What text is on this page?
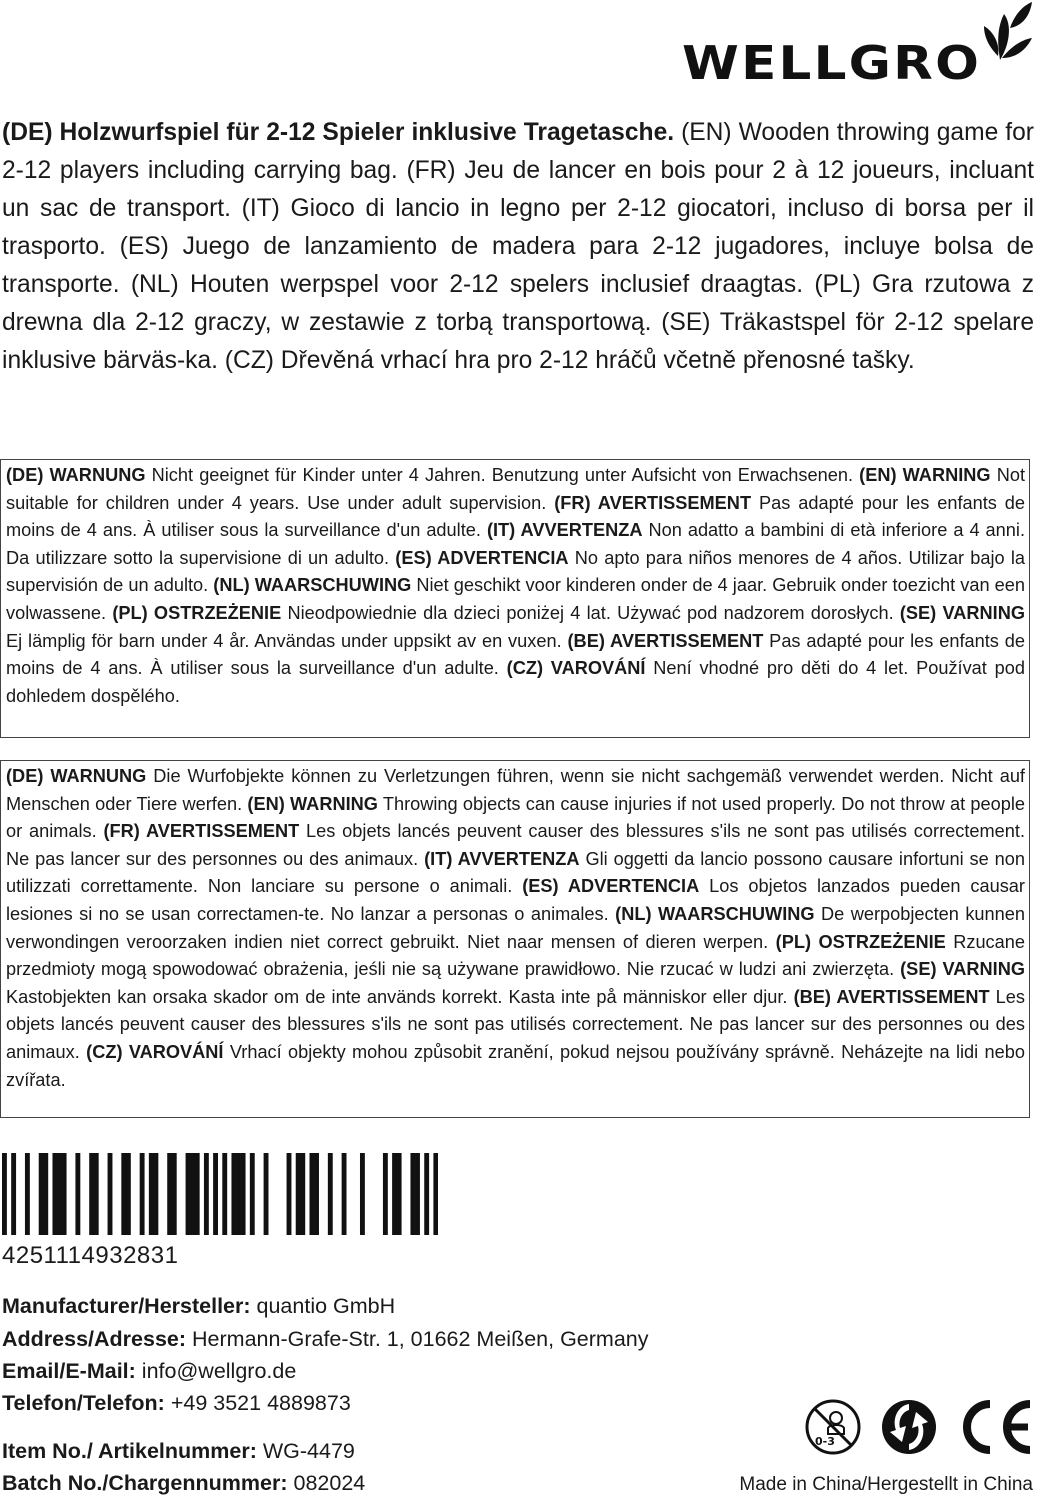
WELLGRO

(DE) Holzwurfspiel für 2-12 Spieler inklusive Tragetasche. (EN) Wooden throwing game for 2-12 players including carrying bag. (FR) Jeu de lancer en bois pour 2 à 12 joueurs, incluant un sac de transport. (IT) Gioco di lancio in legno per 2-12 giocatori, incluso di borsa per il trasporto. (ES) Juego de lanzamiento de madera para 2-12 jugadores, incluye bolsa de transporte. (NL) Houten werpspel voor 2-12 spelers inclusief draagtas. (PL) Gra rzutowa z drewna dla 2-12 graczy, w zestawie z torbą transportową. (SE) Träkastspel för 2-12 spelare inklusive bärväs-ka. (CZ) Dřevěná vrhací hra pro 2-12 hráčů včetně přenosné tašky.

(DE) WARNUNG Nicht geeignet für Kinder unter 4 Jahren. Benutzung unter Aufsicht von Erwachsenen. (EN) WARNING Not suitable for children under 4 years. Use under adult supervision. (FR) AVERTISSEMENT Pas adapté pour les enfants de moins de 4 ans. À utiliser sous la surveillance d'un adulte. (IT) AVVERTENZA Non adatto a bambini di età inferiore a 4 anni. Da utilizzare sotto la supervisione di un adulto. (ES) ADVERTENCIA No apto para niños menores de 4 años. Utilizar bajo la supervisión de un adulto. (NL) WAARSCHUWING Niet geschikt voor kinderen onder de 4 jaar. Gebruik onder toezicht van een volwassene. (PL) OSTRZEŻENIE Nieodpowiednie dla dzieci poniżej 4 lat. Używać pod nadzorem dorosłych. (SE) VARNING Ej lämplig för barn under 4 år. Användas under uppsikt av en vuxen. (BE) AVERTISSEMENT Pas adapté pour les enfants de moins de 4 ans. À utiliser sous la surveillance d'un adulte. (CZ) VAROVÁNÍ Není vhodné pro děti do 4 let. Používat pod dohledem dospělého.

(DE) WARNUNG Die Wurfobjekte können zu Verletzungen führen, wenn sie nicht sachgemäß verwendet werden. Nicht auf Menschen oder Tiere werfen. (EN) WARNING Throwing objects can cause injuries if not used properly. Do not throw at people or animals. (FR) AVERTISSEMENT Les objets lancés peuvent causer des blessures s'ils ne sont pas utilisés correctement. Ne pas lancer sur des personnes ou des animaux. (IT) AVVERTENZA Gli oggetti da lancio possono causare infortuni se non utilizzati correttamente. Non lanciare su persone o animali. (ES) ADVERTENCIA Los objetos lanzados pueden causar lesiones si no se usan correctamen-te. No lanzar a personas o animales. (NL) WAARSCHUWING De werpobjecten kunnen verwondingen veroorzaken indien niet correct gebruikt. Niet naar mensen of dieren werpen. (PL) OSTRZEŻENIE Rzucane przedmioty mogą spowodować obrażenia, jeśli nie są używane prawidłowo. Nie rzucać w ludzi ani zwierzęta. (SE) VARNING Kastobjekten kan orsaka skador om de inte används korrekt. Kasta inte på människor eller djur. (BE) AVERTISSEMENT Les objets lancés peuvent causer des blessures s'ils ne sont pas utilisés correctement. Ne pas lancer sur des personnes ou des animaux. (CZ) VAROVÁNÍ Vrhací objekty mohou způsobit zranění, pokud nejsou používány správně. Neházejte na lidi nebo zvířata.

4251114932831
Manufacturer/Hersteller: quantio GmbH
Address/Adresse: Hermann-Grafe-Str. 1, 01662 Meißen, Germany
Email/E-Mail: info@wellgro.de
Telefon/Telefon: +49 3521 4889873
Item No./ Artikelnummer: WG-4479
Batch No./Chargennummer: 082024
0-3
Made in China/Hergestellt in China
